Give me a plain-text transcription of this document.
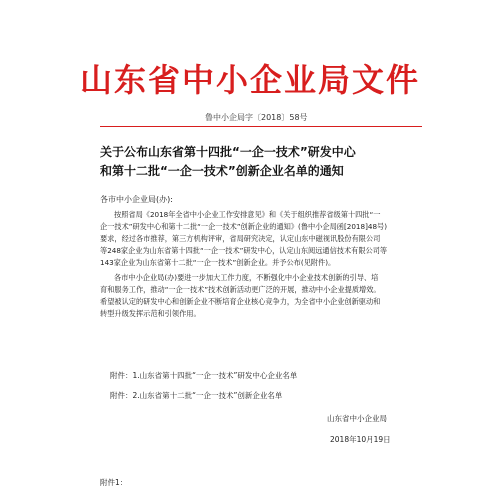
山东省中小企业局文件
鲁中小企局字〔2018〕58号
关于公布山东省第十四批“一企一技术”研发中心
和第十二批“一企一技术”创新企业名单的通知
各市中小企业局(办):
按照省局《2018年全省中小企业工作安排意见》和《关于组织推荐省级第十四批“一
企一技术”研发中心和第十二批“一企一技术”创新企业的通知》(鲁中小企局函[2018]48号)
要求，经过各市推荐，第三方机构评审，省局研究决定，认定山东中磁视讯股份有限公司
等248家企业为山东省第十四批“一企一技术”研发中心，认定山东阅远通信技术有限公司等
143家企业为山东省第十二批“一企一技术”创新企业。并予公布(见附件)。
各市中小企业局(办)要进一步加大工作力度，不断强化中小企业技术创新的引导、培
育和服务工作，推动“一企一技术”技术创新活动更广泛的开展，推动中小企业提质增效。
希望被认定的研发中心和创新企业不断培育企业核心竞争力，为全省中小企业创新驱动和
转型升级发挥示范和引领作用。
附件：1.山东省第十四批“一企一技术”研发中心企业名单
附件：2.山东省第十二批“一企一技术”创新企业名单
山东省中小企业局
2018年10月19日
附件1：
